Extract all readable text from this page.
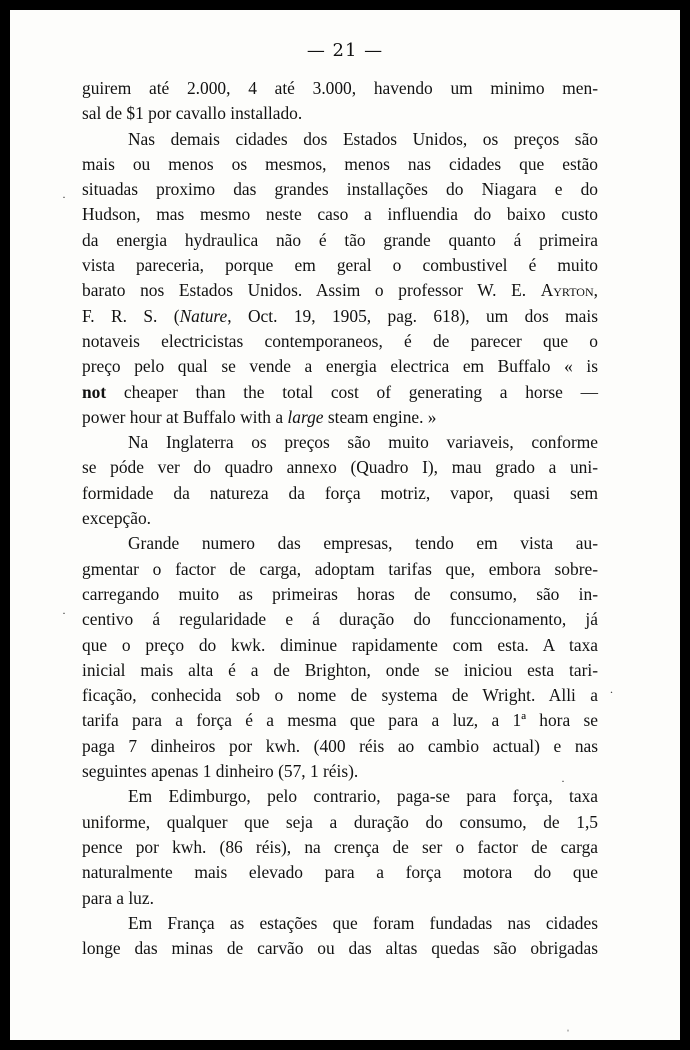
— 21 —
guirem até 2.000, 4 até 3.000, havendo um minimo men-
sal de $1 por cavallo installado.
Nas demais cidades dos Estados Unidos, os preços são
mais ou menos os mesmos, menos nas cidades que estão
situadas proximo das grandes installações do Niagara e do
Hudson, mas mesmo neste caso a influendia do baixo custo
da energia hydraulica não é tão grande quanto á primeira
vista pareceria, porque em geral o combustivel é muito
barato nos Estados Unidos. Assim o professor W. E. Ayrton,
F. R. S. (Nature, Oct. 19, 1905, pag. 618), um dos mais
notaveis electricistas contemporaneos, é de parecer que o
preço pelo qual se vende a energia electrica em Buffalo « is
not cheaper than the total cost of generating a horse —
power hour at Buffalo with a large steam engine. »
Na Inglaterra os preços são muito variaveis, conforme
se póde ver do quadro annexo (Quadro I), mau grado a uni-
formidade da natureza da força motriz, vapor, quasi sem
excepção.
Grande numero das empresas, tendo em vista au-
gmentar o factor de carga, adoptam tarifas que, embora sobre-
carregando muito as primeiras horas de consumo, são in-
centivo á regularidade e á duração do funccionamento, já
que o preço do kwk. diminue rapidamente com esta. A taxa
inicial mais alta é a de Brighton, onde se iniciou esta tari-
ficação, conhecida sob o nome de systema de Wright. Alli a
tarifa para a força é a mesma que para a luz, a 1ª hora se
paga 7 dinheiros por kwh. (400 réis ao cambio actual) e nas
seguintes apenas 1 dinheiro (57, 1 réis).
Em Edimburgo, pelo contrario, paga-se para força, taxa
uniforme, qualquer que seja a duração do consumo, de 1,5
pence por kwh. (86 réis), na crença de ser o factor de carga
naturalmente mais elevado para a força motora do que
para a luz.
Em França as estações que foram fundadas nas cidades
longe das minas de carvão ou das altas quedas são obrigadas
·
·
.
·
ˌ
